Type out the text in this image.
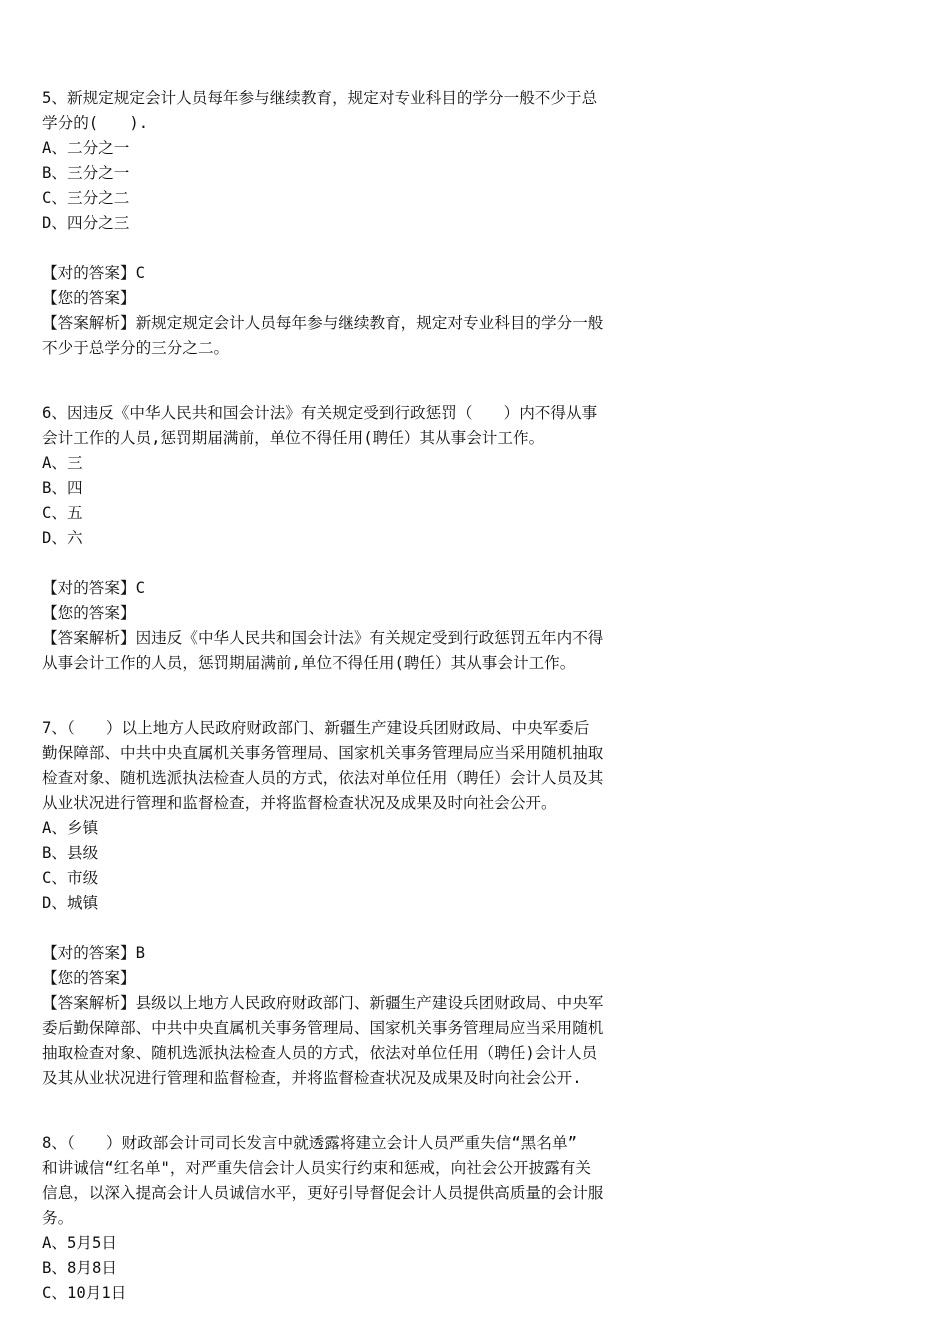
5、新规定规定会计人员每年参与继续教育，规定对专业科目的学分一般不少于总

学分的(　　).

A、二分之一

B、三分之一

C、三分之二

D、四分之三

【对的答案】C

【您的答案】

【答案解析】新规定规定会计人员每年参与继续教育，规定对专业科目的学分一般

不少于总学分的三分之二。

6、因违反《中华人民共和国会计法》有关规定受到行政惩罚（　　）内不得从事

会计工作的人员,惩罚期届满前，单位不得任用(聘任）其从事会计工作。

A、三

B、四

C、五

D、六

【对的答案】C

【您的答案】

【答案解析】因违反《中华人民共和国会计法》有关规定受到行政惩罚五年内不得

从事会计工作的人员，惩罚期届满前,单位不得任用(聘任）其从事会计工作。

7、（　　）以上地方人民政府财政部门、新疆生产建设兵团财政局、中央军委后

勤保障部、中共中央直属机关事务管理局、国家机关事务管理局应当采用随机抽取

检查对象、随机选派执法检查人员的方式，依法对单位任用（聘任）会计人员及其

从业状况进行管理和监督检查，并将监督检查状况及成果及时向社会公开。

A、乡镇

B、县级

C、市级

D、城镇

【对的答案】B

【您的答案】

【答案解析】县级以上地方人民政府财政部门、新疆生产建设兵团财政局、中央军

委后勤保障部、中共中央直属机关事务管理局、国家机关事务管理局应当采用随机

抽取检查对象、随机选派执法检查人员的方式，依法对单位任用（聘任)会计人员

及其从业状况进行管理和监督检查，并将监督检查状况及成果及时向社会公开.

8、（　　）财政部会计司司长发言中就透露将建立会计人员严重失信“黑名单”

和讲诚信“红名单"，对严重失信会计人员实行约束和惩戒，向社会公开披露有关

信息，以深入提高会计人员诚信水平，更好引导督促会计人员提供高质量的会计服

务。

A、5月5日

B、8月8日

C、10月1日
